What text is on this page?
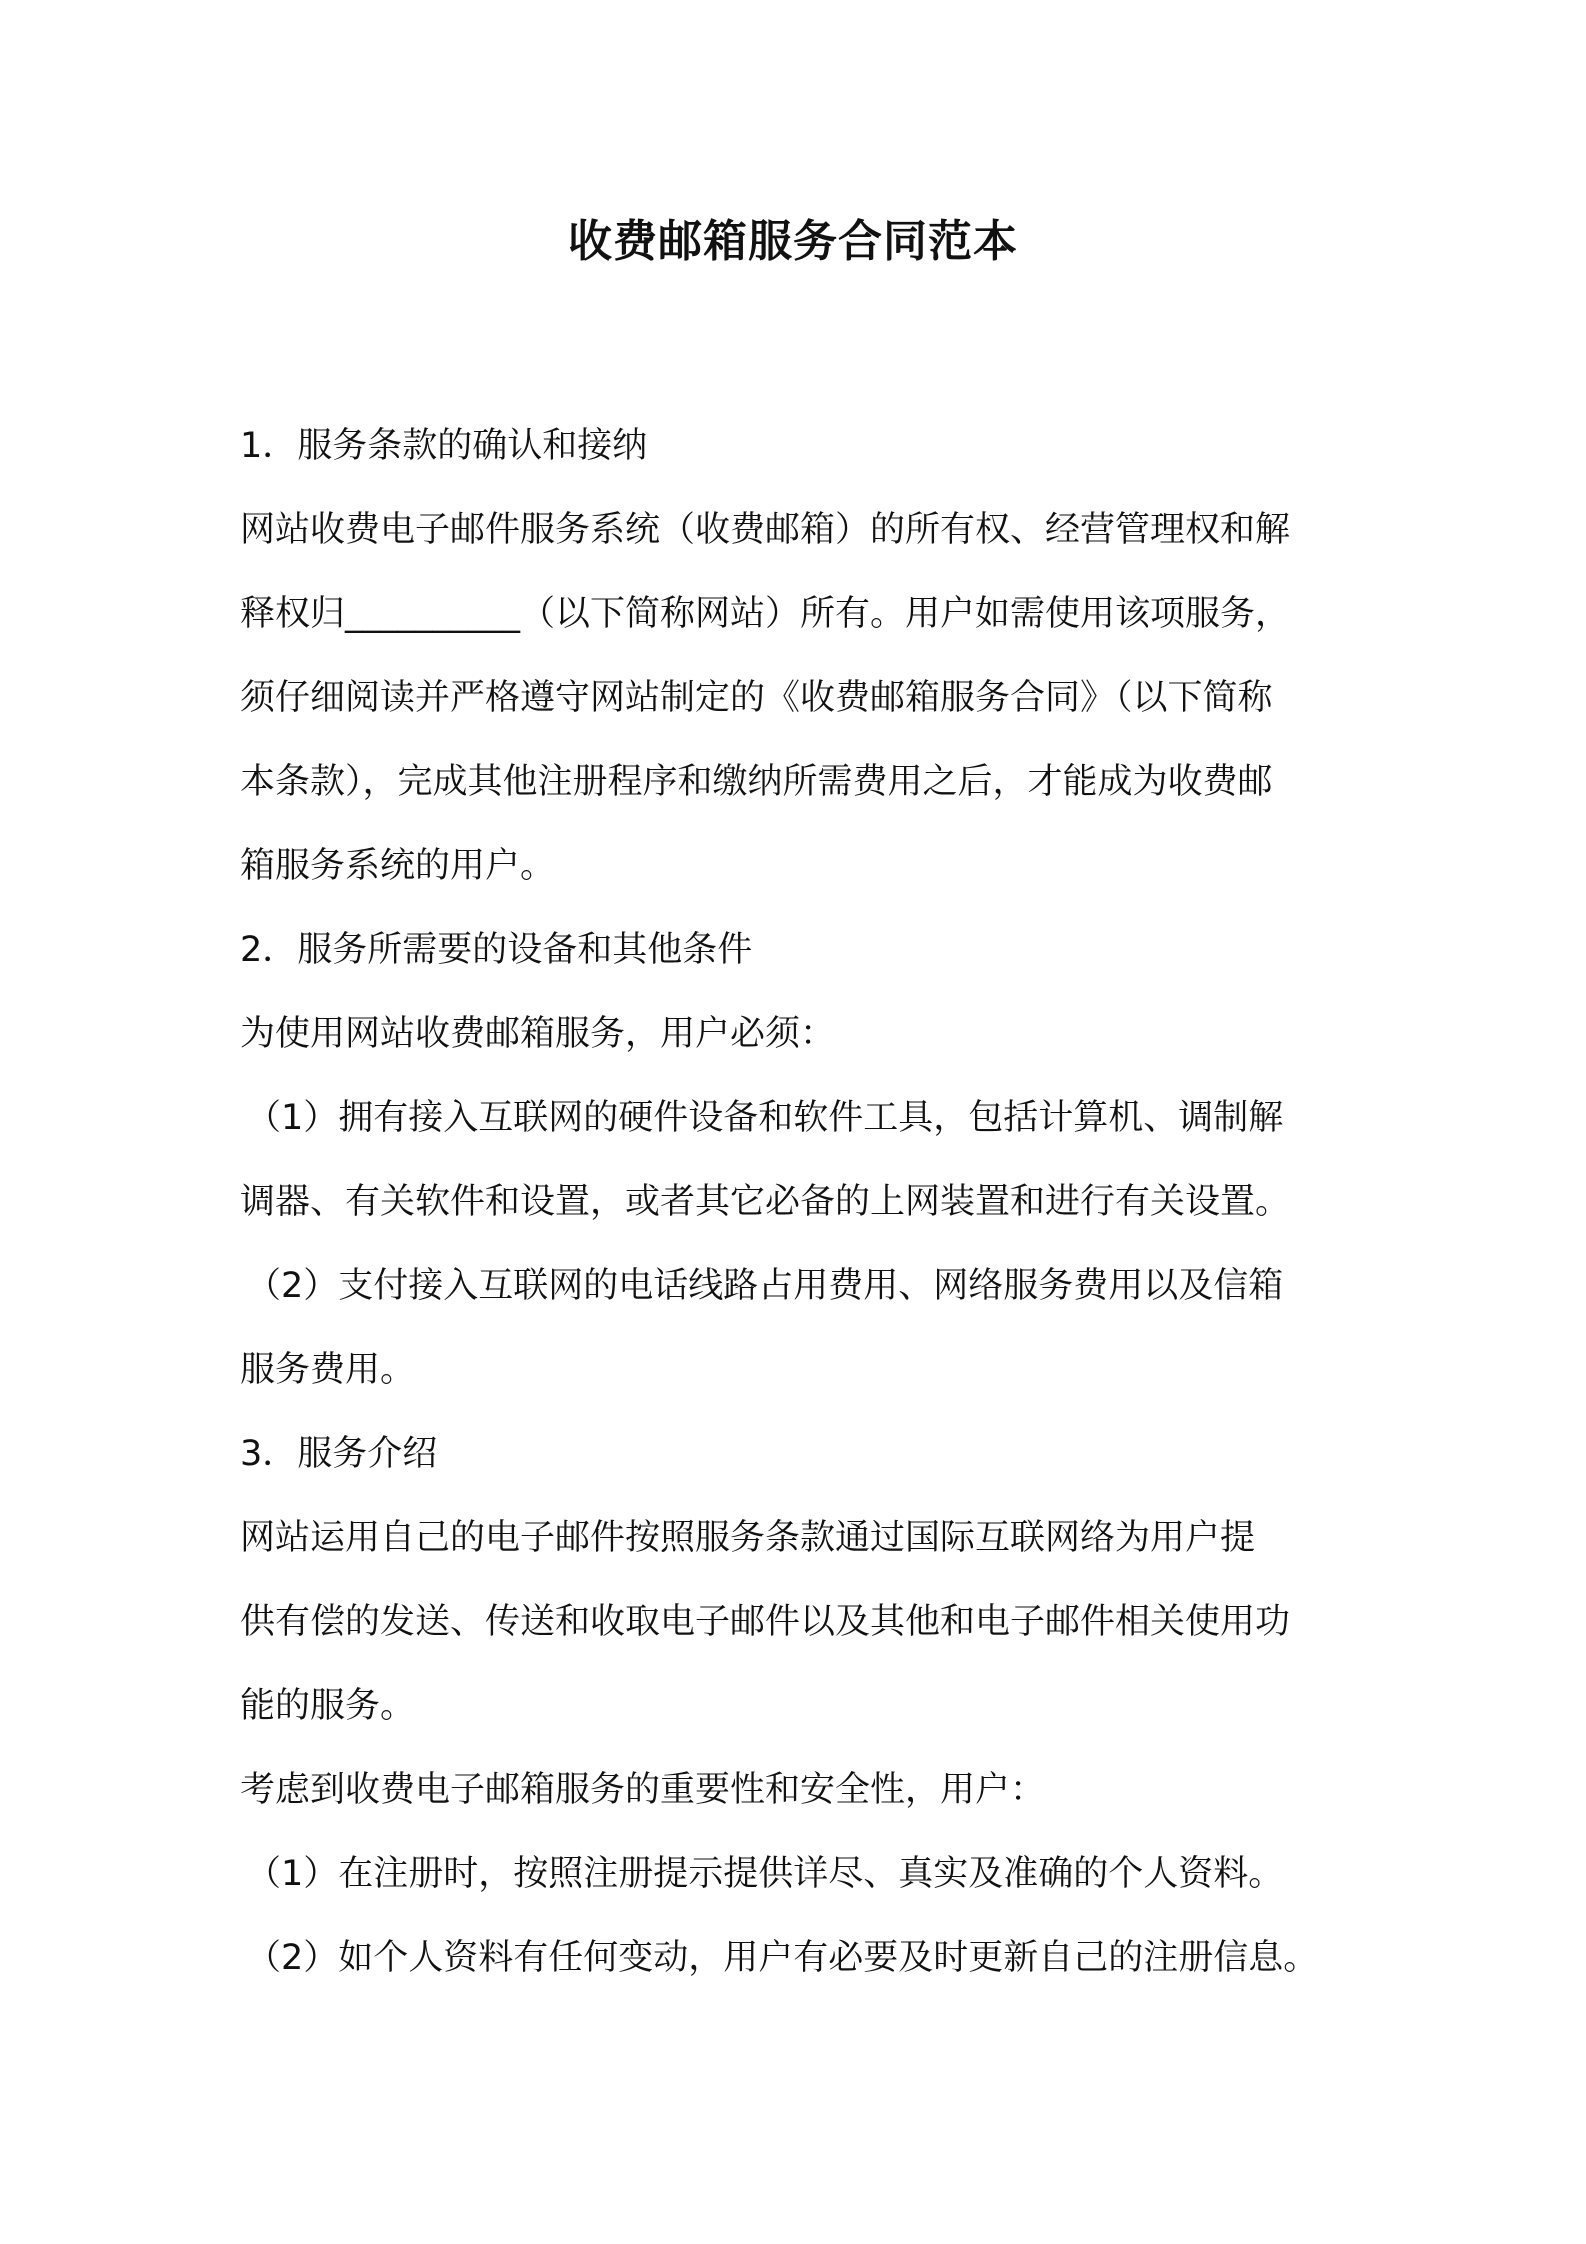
收费邮箱服务合同范本

1．服务条款的确认和接纳

网站收费电子邮件服务系统（收费邮箱）的所有权、经营管理权和解

释权归__________（以下简称网站）所有。用户如需使用该项服务，

须仔细阅读并严格遵守网站制定的《收费邮箱服务合同》（以下简称

本条款），完成其他注册程序和缴纳所需费用之后，才能成为收费邮

箱服务系统的用户。

2．服务所需要的设备和其他条件

为使用网站收费邮箱服务，用户必须：

（1）拥有接入互联网的硬件设备和软件工具，包括计算机、调制解

调器、有关软件和设置，或者其它必备的上网装置和进行有关设置。

（2）支付接入互联网的电话线路占用费用、网络服务费用以及信箱

服务费用。

3．服务介绍

网站运用自己的电子邮件按照服务条款通过国际互联网络为用户提

供有偿的发送、传送和收取电子邮件以及其他和电子邮件相关使用功

能的服务。

考虑到收费电子邮箱服务的重要性和安全性，用户：

（1）在注册时，按照注册提示提供详尽、真实及准确的个人资料。

（2）如个人资料有任何变动，用户有必要及时更新自己的注册信息。
